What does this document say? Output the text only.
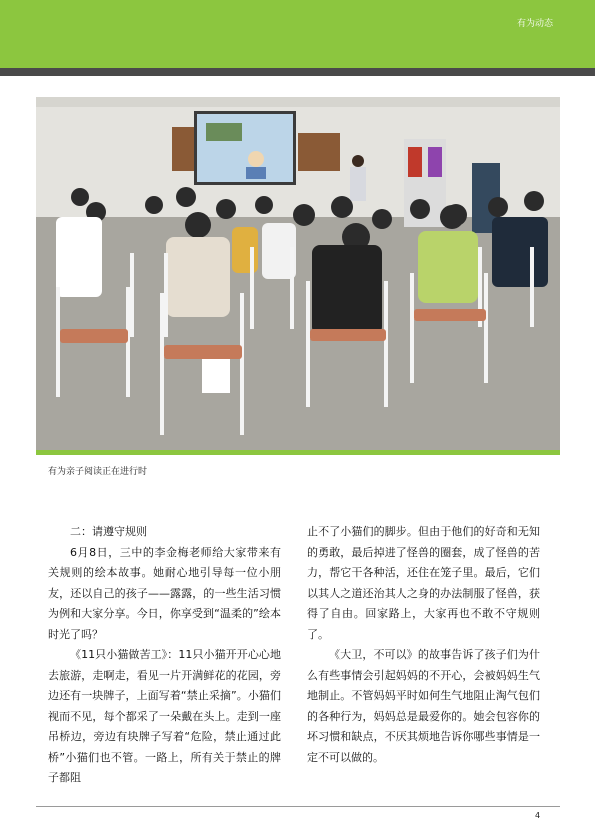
有为动态
有为亲子阅读正在进行时

二：请遵守规则

6月8日，三中的李金梅老师给大家带来有关规则的绘本故事。她耐心地引导每一位小朋友，还以自己的孩子——露露，的一些生活习惯为例和大家分享。今日，你享受到“温柔的”绘本时光了吗？

《11只小猫做苦工》：11只小猫开开心心地去旅游，走啊走，看见一片开满鲜花的花园，旁边还有一块牌子，上面写着“禁止采摘”。小猫们视而不见，每个都采了一朵戴在头上。走到一座吊桥边，旁边有块牌子写着“危险，禁止通过此桥”小猫们也不管。一路上，所有关于禁止的牌子都阻

止不了小猫们的脚步。但由于他们的好奇和无知的勇敢，最后掉进了怪兽的圈套，成了怪兽的苦力，帮它干各种活，还住在笼子里。最后，它们以其人之道还治其人之身的办法制服了怪兽，获得了自由。回家路上，大家再也不敢不守规则了。

《大卫，不可以》的故事告诉了孩子们为什么有些事情会引起妈妈的不开心，会被妈妈生气地制止。不管妈妈平时如何生气地阻止淘气包们的各种行为，妈妈总是最爱你的。她会包容你的坏习惯和缺点，不厌其烦地告诉你哪些事情是一定不可以做的。

4
